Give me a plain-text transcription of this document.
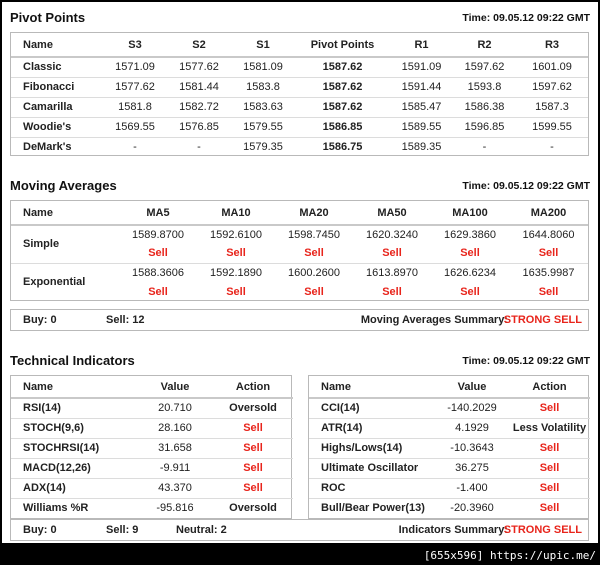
Pivot Points	Time: 09.05.12 09:22 GMT
Name	S3	S2	S1	Pivot Points	R1	R2	R3
Classic	1571.09	1577.62	1581.09	1587.62	1591.09	1597.62	1601.09
Fibonacci	1577.62	1581.44	1583.8	1587.62	1591.44	1593.8	1597.62
Camarilla	1581.8	1582.72	1583.63	1587.62	1585.47	1586.38	1587.3
Woodie's	1569.55	1576.85	1579.55	1586.85	1589.55	1596.85	1599.55
DeMark's	-	-	1579.35	1586.75	1589.35	-	-
Moving Averages	Time: 09.05.12 09:22 GMT
Name	MA5	MA10	MA20	MA50	MA100	MA200
Simple	1589.8700	1592.6100	1598.7450	1620.3240	1629.3860	1644.8060
	Sell	Sell	Sell	Sell	Sell	Sell
Exponential	1588.3606	1592.1890	1600.2600	1613.8970	1626.6234	1635.9987
	Sell	Sell	Sell	Sell	Sell	Sell
Buy: 0	Sell: 12	Moving Averages Summary:
STRONG SELL
Technical Indicators	Time: 09.05.12 09:22 GMT
Name	Value	Action
RSI(14)	20.710	Oversold
STOCH(9,6)	28.160	Sell
STOCHRSI(14)	31.658	Sell
MACD(12,26)	-9.911	Sell
ADX(14)	43.370	Sell
Williams %R	-95.816	Oversold
Name	Value	Action
CCI(14)	-140.2029	Sell
ATR(14)	4.1929	Less Volatility
Highs/Lows(14)	-10.3643	Sell
Ultimate Oscillator	36.275	Sell
ROC	-1.400	Sell
Bull/Bear Power(13)	-20.3960	Sell
Buy: 0	Sell: 9	Neutral: 2	Indicators Summary:
STRONG SELL
[655x596] https://upic.me/
